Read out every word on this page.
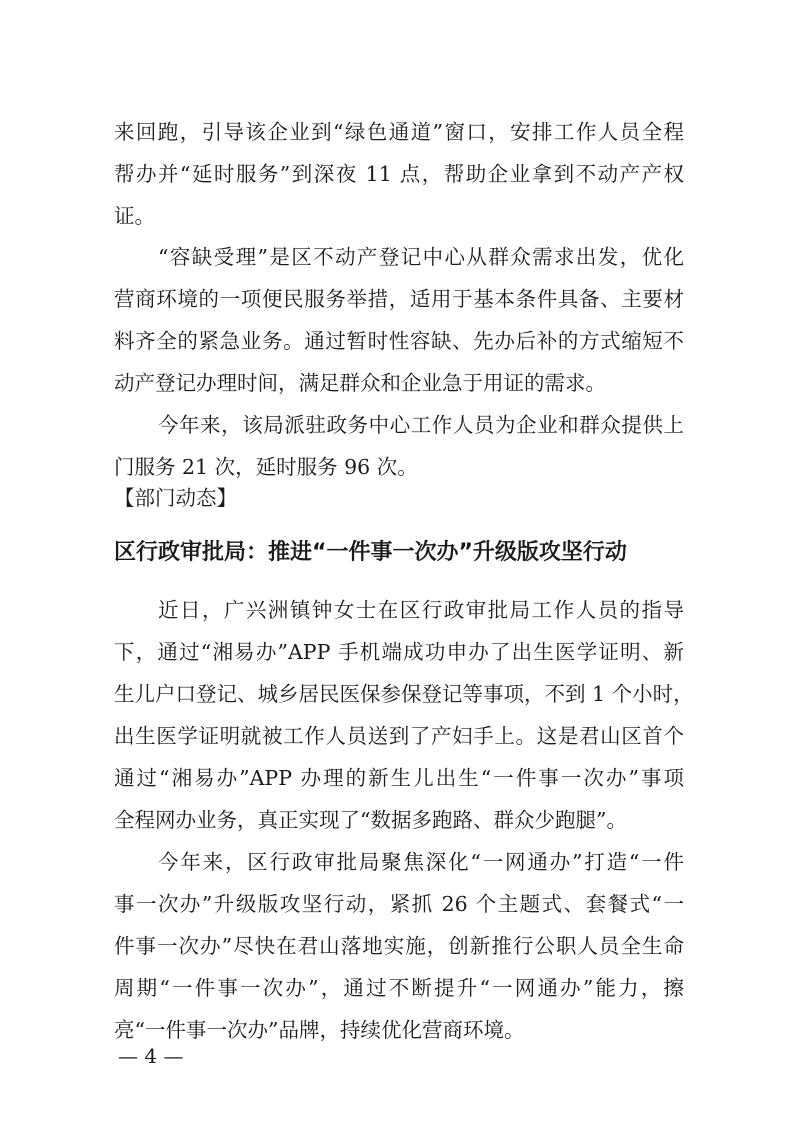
来回跑，引导该企业到“绿色通道”窗口，安排工作人员全程
帮办并“延时服务”到深夜 11 点，帮助企业拿到不动产产权
证。
“容缺受理”是区不动产登记中心从群众需求出发，优化
营商环境的一项便民服务举措，适用于基本条件具备、主要材
料齐全的紧急业务。通过暂时性容缺、先办后补的方式缩短不
动产登记办理时间，满足群众和企业急于用证的需求。
今年来，该局派驻政务中心工作人员为企业和群众提供上
门服务 21 次，延时服务 96 次。
【部门动态】
区行政审批局：推进“一件事一次办”升级版攻坚行动
近日，广兴洲镇钟女士在区行政审批局工作人员的指导
下，通过“湘易办”APP 手机端成功申办了出生医学证明、新
生儿户口登记、城乡居民医保参保登记等事项，不到 1 个小时，
出生医学证明就被工作人员送到了产妇手上。这是君山区首个
通过“湘易办”APP 办理的新生儿出生“一件事一次办”事项
全程网办业务，真正实现了“数据多跑路、群众少跑腿”。
今年来，区行政审批局聚焦深化“一网通办”打造“一件
事一次办”升级版攻坚行动，紧抓 26 个主题式、套餐式“一
件事一次办”尽快在君山落地实施，创新推行公职人员全生命
周期“一件事一次办”，通过不断提升“一网通办”能力，擦
亮“一件事一次办”品牌，持续优化营商环境。
— 4 —
